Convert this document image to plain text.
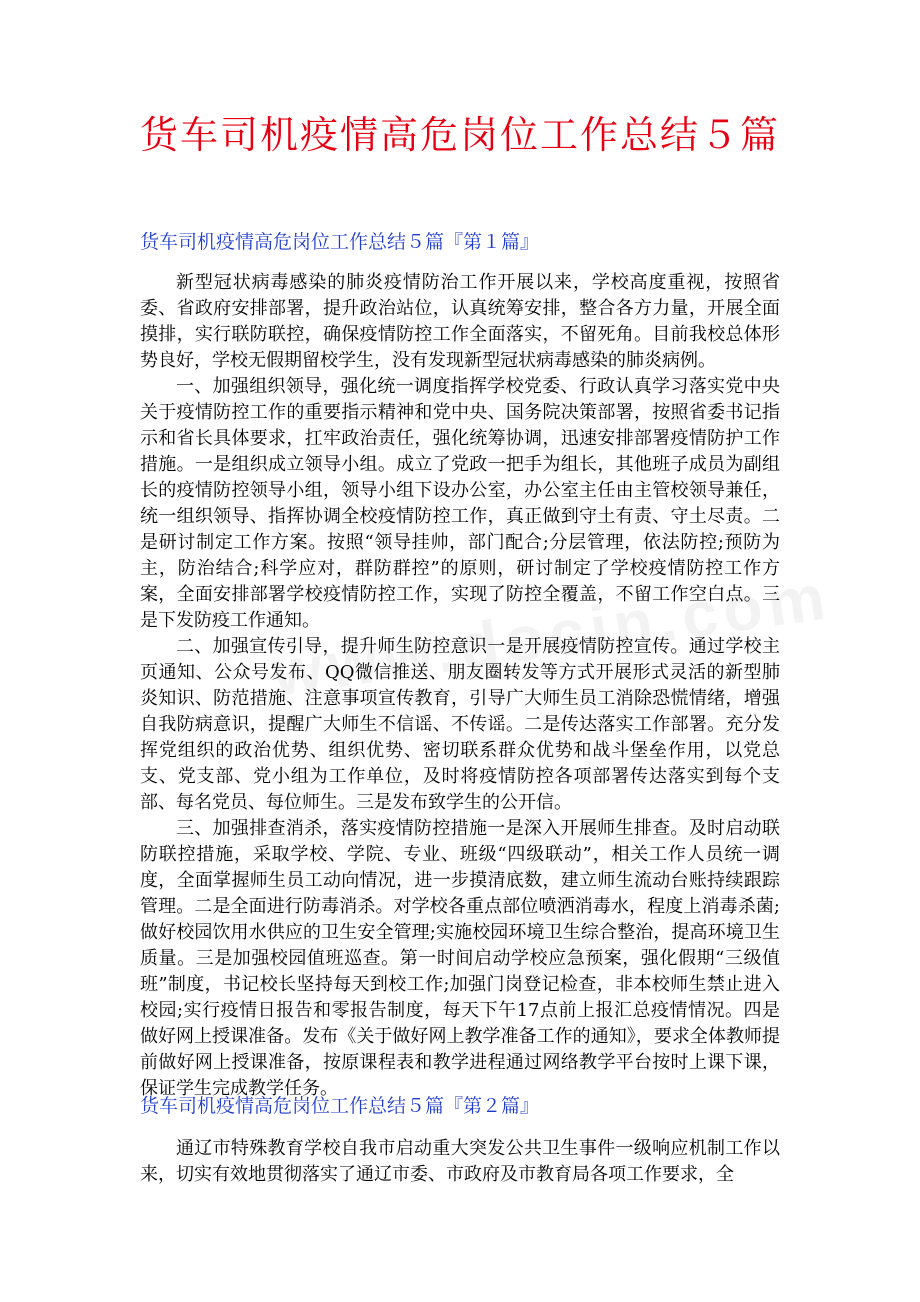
货车司机疫情高危岗位工作总结５篇
货车司机疫情高危岗位工作总结５篇『第１篇』

新型冠状病毒感染的肺炎疫情防治工作开展以来，学校高度重视，按照省委、省政府安排部署，提升政治站位，认真统筹安排，整合各方力量，开展全面摸排，实行联防联控，确保疫情防控工作全面落实，不留死角。目前我校总体形势良好，学校无假期留校学生，没有发现新型冠状病毒感染的肺炎病例。

一、加强组织领导，强化统一调度指挥学校党委、行政认真学习落实党中央关于疫情防控工作的重要指示精神和党中央、国务院决策部署，按照省委书记指示和省长具体要求，扛牢政治责任，强化统筹协调，迅速安排部署疫情防护工作措施。一是组织成立领导小组。成立了党政一把手为组长，其他班子成员为副组长的疫情防控领导小组，领导小组下设办公室，办公室主任由主管校领导兼任，统一组织领导、指挥协调全校疫情防控工作，真正做到守土有责、守土尽责。二是研讨制定工作方案。按照“领导挂帅，部门配合;分层管理，依法防控;预防为主，防治结合;科学应对，群防群控”的原则，研讨制定了学校疫情防控工作方案，全面安排部署学校疫情防控工作，实现了防控全覆盖，不留工作空白点。三是下发防疫工作通知。

二、加强宣传引导，提升师生防控意识一是开展疫情防控宣传。通过学校主页通知、公众号发布、QQ微信推送、朋友圈转发等方式开展形式灵活的新型肺炎知识、防范措施、注意事项宣传教育，引导广大师生员工消除恐慌情绪，增强自我防病意识，提醒广大师生不信谣、不传谣。二是传达落实工作部署。充分发挥党组织的政治优势、组织优势、密切联系群众优势和战斗堡垒作用，以党总支、党支部、党小组为工作单位，及时将疫情防控各项部署传达落实到每个支部、每名党员、每位师生。三是发布致学生的公开信。

三、加强排查消杀，落实疫情防控措施一是深入开展师生排查。及时启动联防联控措施，采取学校、学院、专业、班级“四级联动”，相关工作人员统一调度，全面掌握师生员工动向情况，进一步摸清底数，建立师生流动台账持续跟踪管理。二是全面进行防毒消杀。对学校各重点部位喷洒消毒水，程度上消毒杀菌;做好校园饮用水供应的卫生安全管理;实施校园环境卫生综合整治，提高环境卫生质量。三是加强校园值班巡查。第一时间启动学校应急预案，强化假期“三级值班”制度，书记校长坚持每天到校工作;加强门岗登记检查，非本校师生禁止进入校园;实行疫情日报告和零报告制度，每天下午17点前上报汇总疫情情况。四是做好网上授课准备。发布《关于做好网上教学准备工作的通知》，要求全体教师提前做好网上授课准备，按原课程表和教学进程通过网络教学平台按时上课下课，保证学生完成教学任务。

货车司机疫情高危岗位工作总结５篇『第２篇』

通辽市特殊教育学校自我市启动重大突发公共卫生事件一级响应机制工作以来，切实有效地贯彻落实了通辽市委、市政府及市教育局各项工作要求，全
